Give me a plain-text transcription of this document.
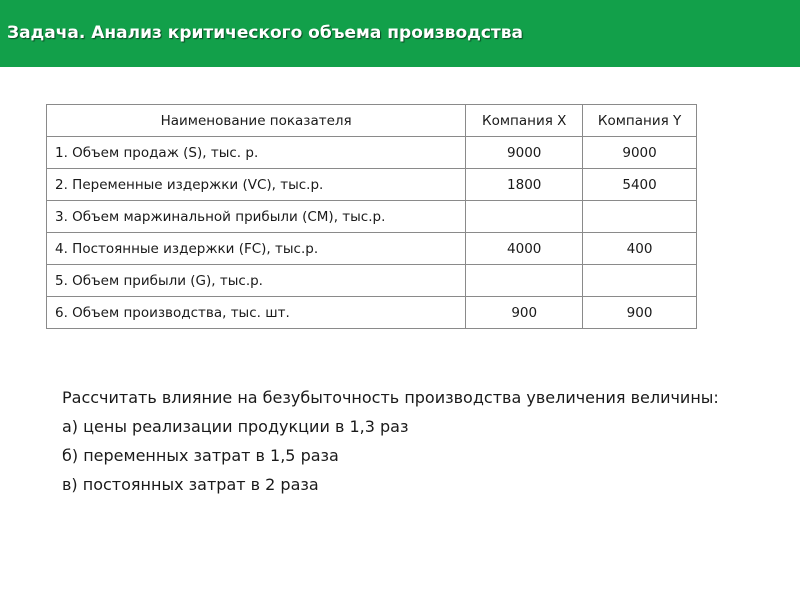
Задача. Анализ критического объема производства
Наименование показателя	Компания X	Компания Y
1. Объем продаж (S), тыс. р.	9000	9000
2. Переменные издержки (VC), тыс.р.	1800	5400
3. Объем маржинальной прибыли (CM), тыс.р.		
4. Постоянные издержки (FC), тыс.р.	4000	400
5. Объем прибыли (G), тыс.р.		
6. Объем производства, тыс. шт.	900	900

Рассчитать влияние на безубыточность производства увеличения величины:

а) цены реализации продукции в 1,3 раз

б) переменных затрат в 1,5 раза

в) постоянных затрат в 2 раза
